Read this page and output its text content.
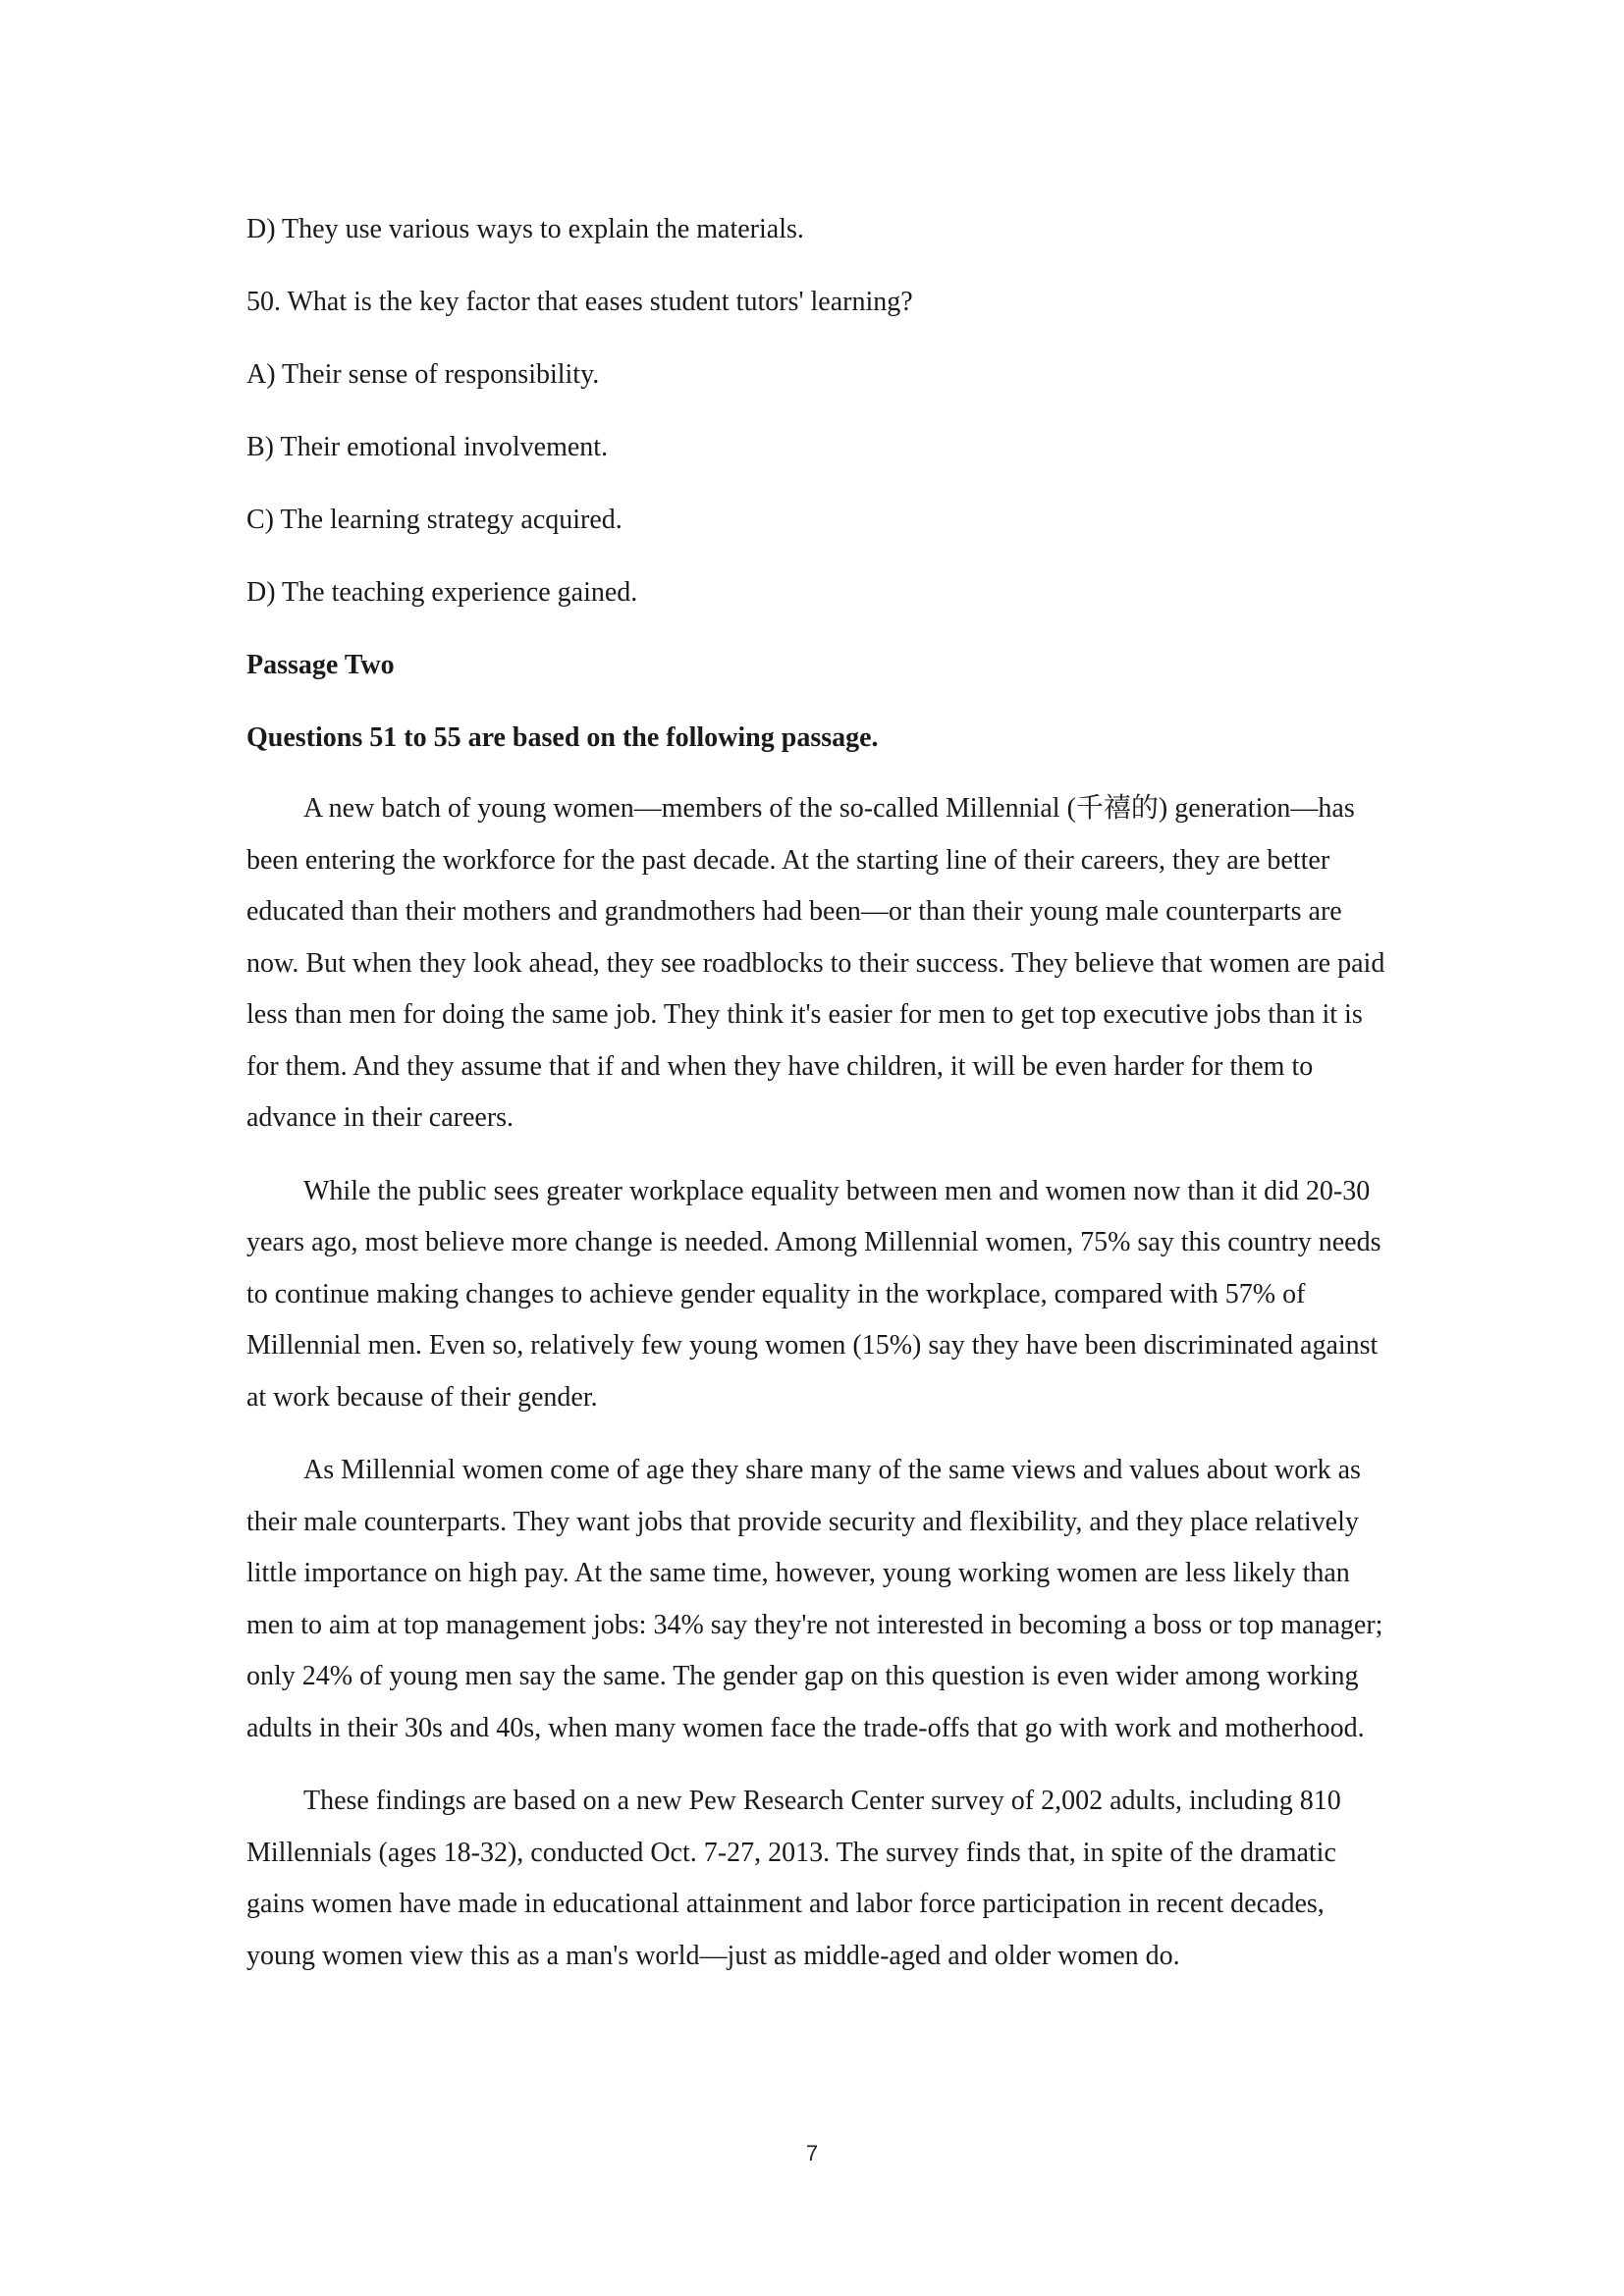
D) They use various ways to explain the materials.

50. What is the key factor that eases student tutors' learning?

A) Their sense of responsibility.

B) Their emotional involvement.

C) The learning strategy acquired.

D) The teaching experience gained.

Passage Two

Questions 51 to 55 are based on the following passage.

A new batch of young women—members of the so-called Millennial (千禧的) generation—has been entering the workforce for the past decade. At the starting line of their careers, they are better educated than their mothers and grandmothers had been—or than their young male counterparts are now. But when they look ahead, they see roadblocks to their success. They believe that women are paid less than men for doing the same job. They think it's easier for men to get top executive jobs than it is for them. And they assume that if and when they have children, it will be even harder for them to advance in their careers.

While the public sees greater workplace equality between men and women now than it did 20-30 years ago, most believe more change is needed. Among Millennial women, 75% say this country needs to continue making changes to achieve gender equality in the workplace, compared with 57% of Millennial men. Even so, relatively few young women (15%) say they have been discriminated against at work because of their gender.

As Millennial women come of age they share many of the same views and values about work as their male counterparts. They want jobs that provide security and flexibility, and they place relatively little importance on high pay. At the same time, however, young working women are less likely than men to aim at top management jobs: 34% say they're not interested in becoming a boss or top manager; only 24% of young men say the same. The gender gap on this question is even wider among working adults in their 30s and 40s, when many women face the trade-offs that go with work and motherhood.

These findings are based on a new Pew Research Center survey of 2,002 adults, including 810 Millennials (ages 18-32), conducted Oct. 7-27, 2013. The survey finds that, in spite of the dramatic gains women have made in educational attainment and labor force participation in recent decades, young women view this as a man's world—just as middle-aged and older women do.

7
